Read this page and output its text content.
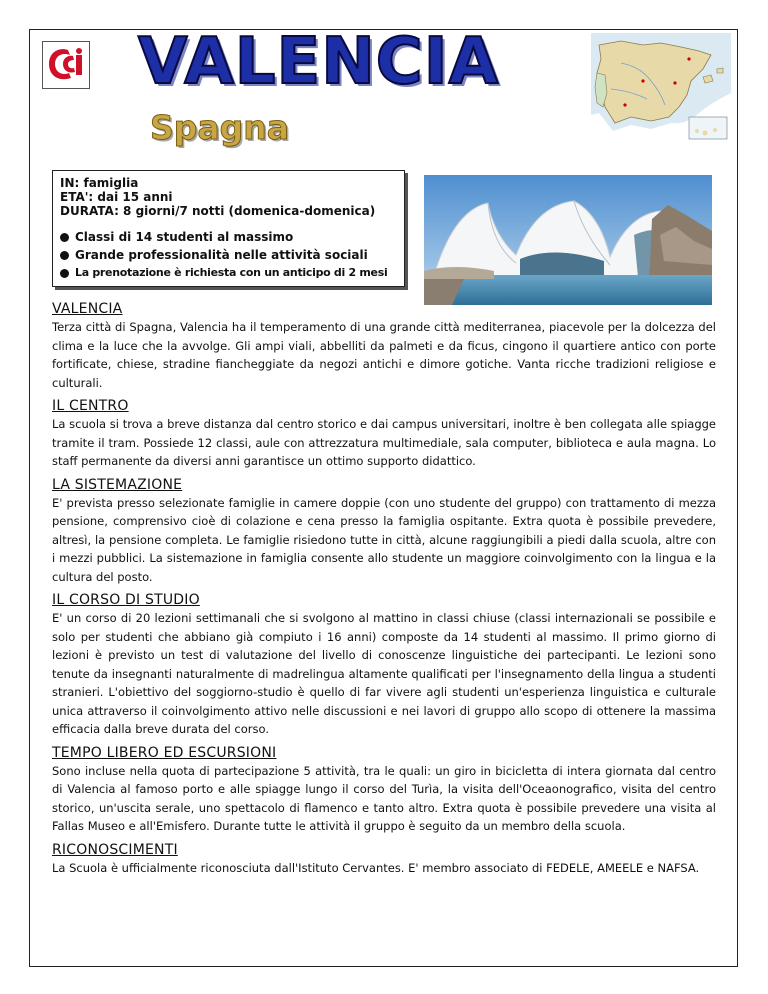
VALENCIA
Spagna
IN: famiglia
ETA': dai 15 anni
DURATA: 8 giorni/7 notti (domenica-domenica)
Classi di 14 studenti al massimo
Grande professionalità nelle attività sociali
La prenotazione è richiesta con un anticipo di 2 mesi
VALENCIA

Terza città di Spagna, Valencia ha il temperamento di una grande città mediterranea, piacevole per la dolcezza del clima e la luce che la avvolge. Gli ampi viali, abbelliti da palmeti e da ficus, cingono il quartiere antico con porte fortificate, chiese, stradine fiancheggiate da negozi antichi e dimore gotiche. Vanta ricche tradizioni religiose e culturali.

IL CENTRO

La scuola si trova a breve distanza dal centro storico e dai campus universitari, inoltre è ben collegata alle spiagge tramite il tram. Possiede 12 classi, aule con attrezzatura multimediale, sala computer, biblioteca e aula magna. Lo staff permanente da diversi anni garantisce un ottimo supporto didattico.

LA SISTEMAZIONE

E' prevista presso selezionate famiglie in camere doppie (con uno studente del gruppo) con trattamento di mezza pensione, comprensivo cioè di colazione e cena presso la famiglia ospitante. Extra quota è possibile prevedere, altresì, la pensione completa. Le famiglie risiedono tutte in città, alcune raggiungibili a piedi dalla scuola, altre con i mezzi pubblici. La sistemazione in famiglia consente allo studente un maggiore coinvolgimento con la lingua e la cultura del posto.

IL CORSO DI STUDIO

E' un corso di 20 lezioni settimanali che si svolgono al mattino in classi chiuse (classi internazionali se possibile e solo per studenti che abbiano già compiuto i 16 anni) composte da 14 studenti al massimo. Il primo giorno di lezioni è previsto un test di valutazione del livello di conoscenze linguistiche dei partecipanti. Le lezioni sono tenute da insegnanti naturalmente di madrelingua altamente qualificati per l'insegnamento della lingua a studenti stranieri. L'obiettivo del soggiorno-studio è quello di far vivere agli studenti un'esperienza linguistica e culturale unica attraverso il coinvolgimento attivo nelle discussioni e nei lavori di gruppo allo scopo di ottenere la massima efficacia dalla breve durata del corso.

TEMPO LIBERO ED ESCURSIONI

Sono incluse nella quota di partecipazione 5 attività, tra le quali: un giro in bicicletta di intera giornata dal centro di Valencia al famoso porto e alle spiagge lungo il corso del Turìa, la visita dell'Oceaonografico, visita del centro storico, un'uscita serale, uno spettacolo di flamenco e tanto altro. Extra quota è possibile prevedere una visita al Fallas Museo e all'Emisfero. Durante tutte le attività il gruppo è seguito da un membro della scuola.

RICONOSCIMENTI

La Scuola è ufficialmente riconosciuta dall'Istituto Cervantes. E' membro associato di FEDELE, AMEELE e NAFSA.
